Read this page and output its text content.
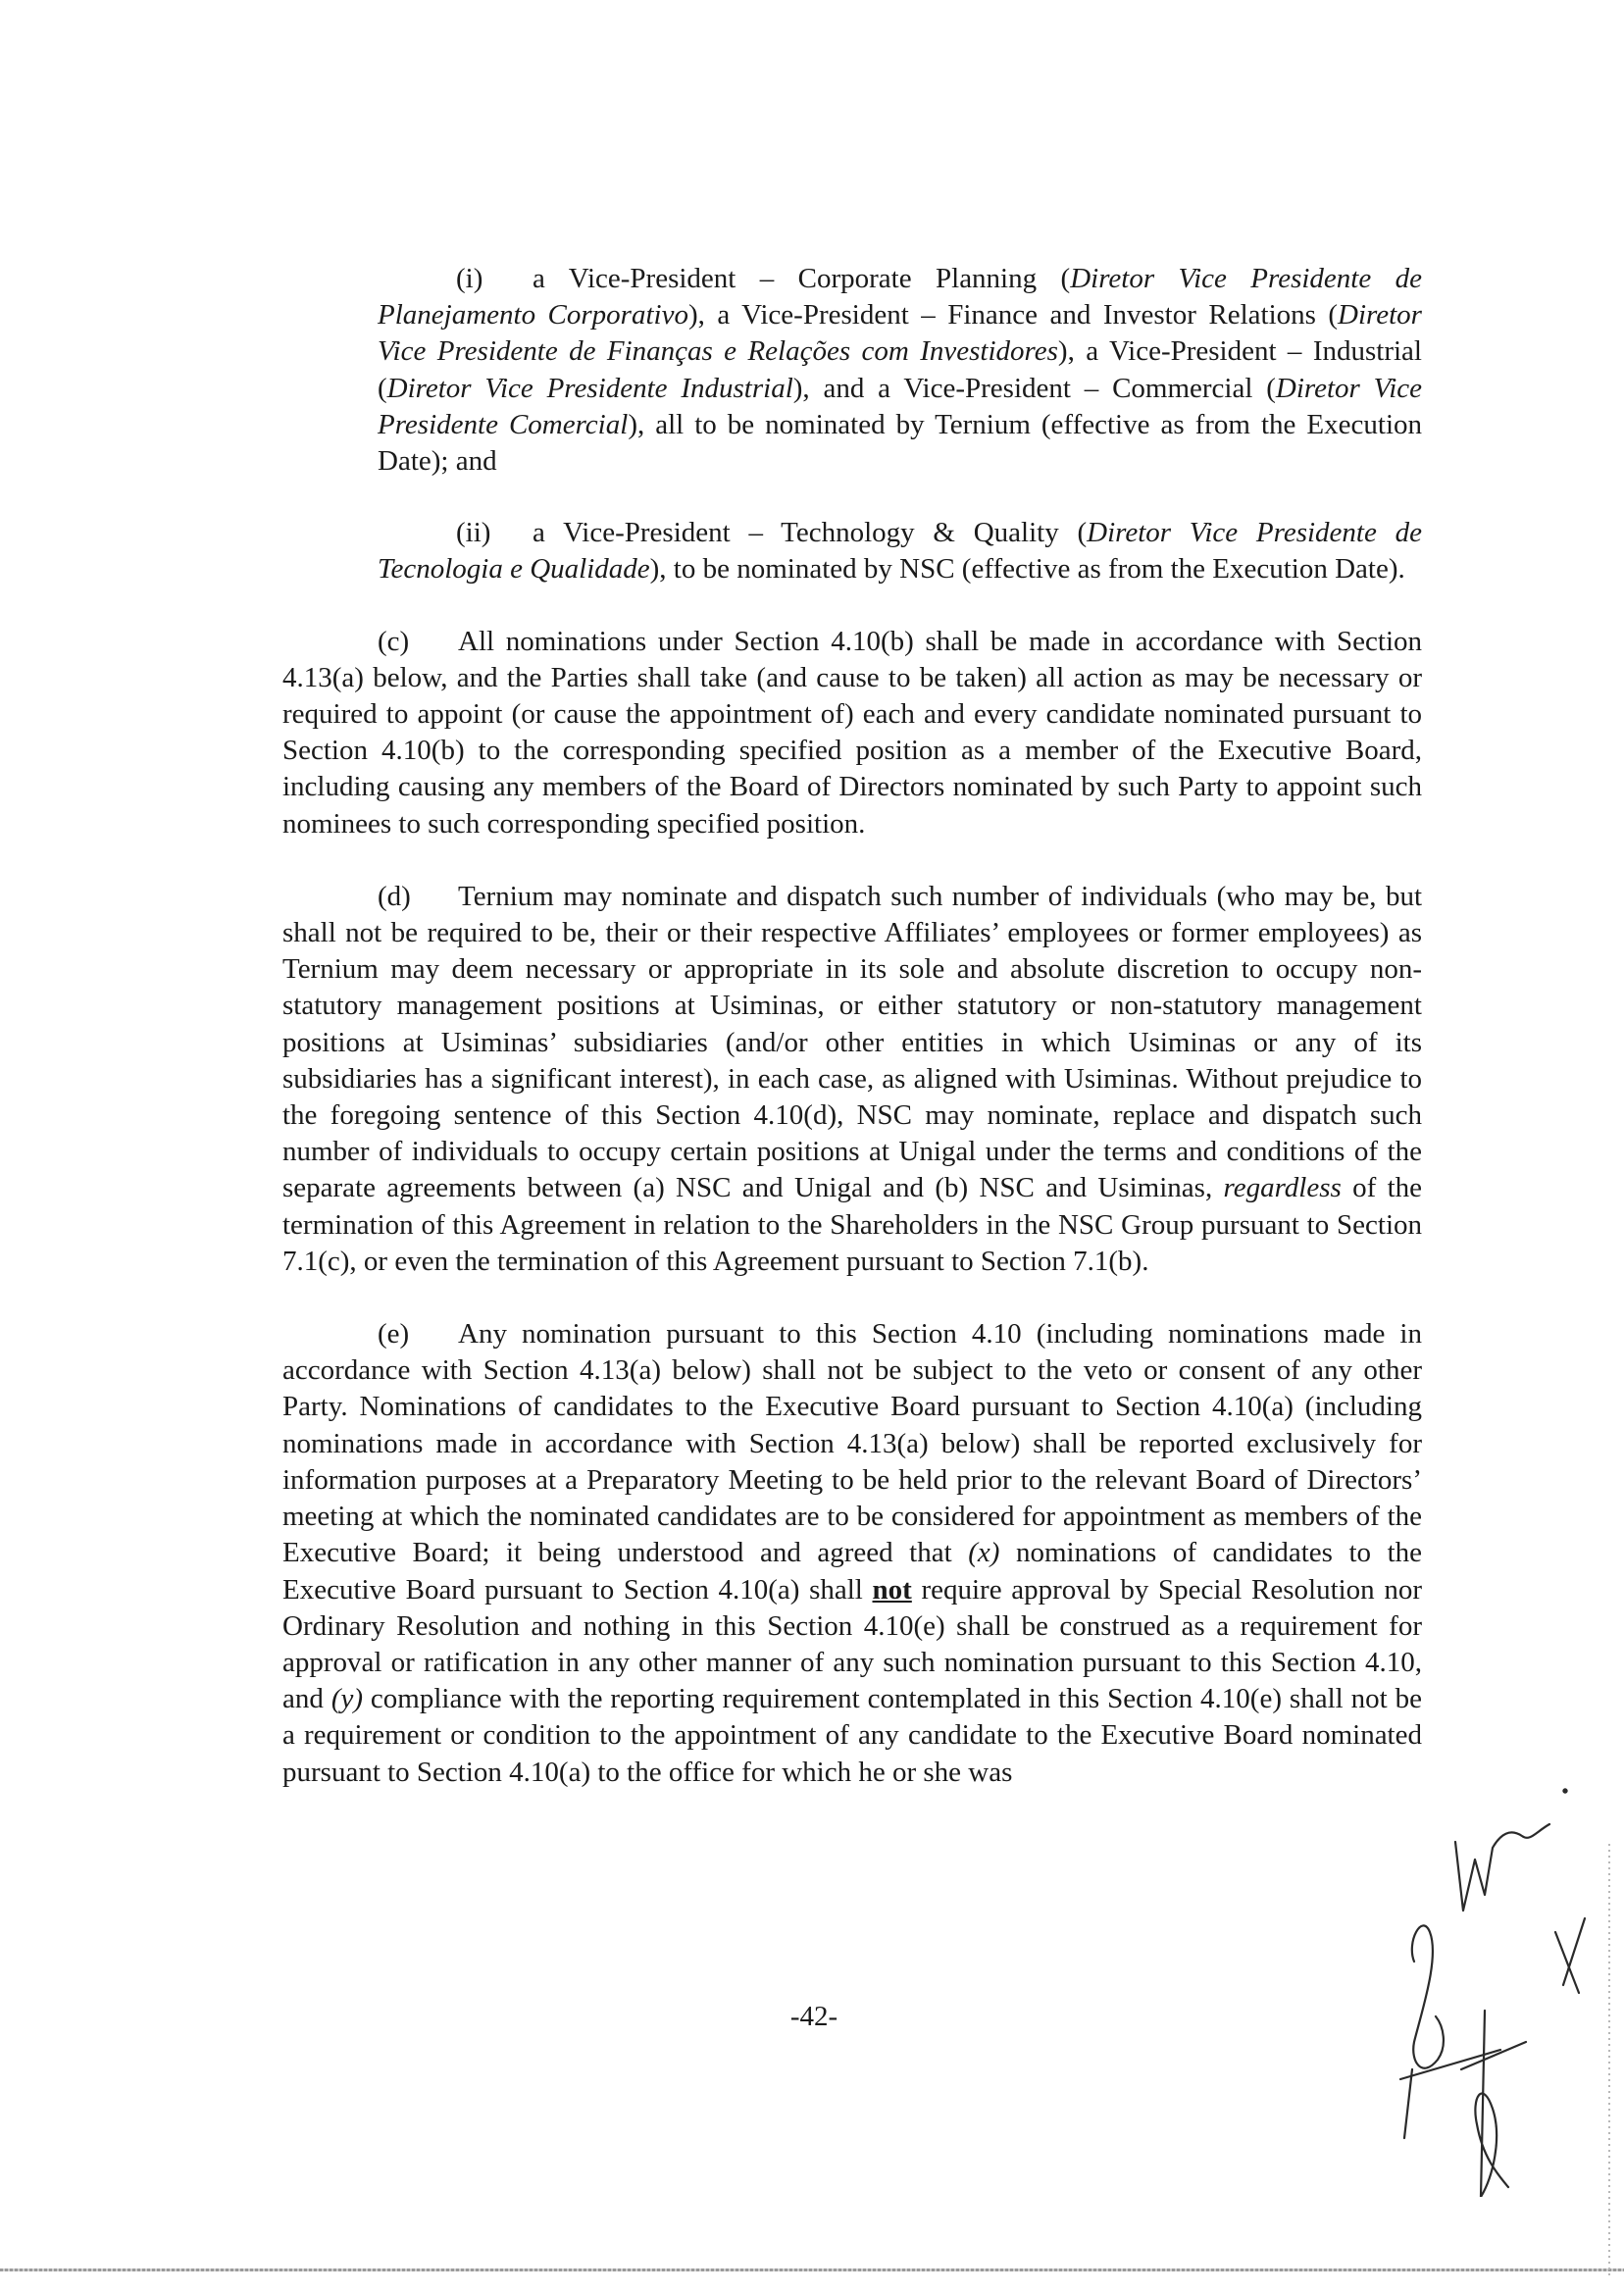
(i) a Vice-President – Corporate Planning (Diretor Vice Presidente de Planejamento Corporativo), a Vice-President – Finance and Investor Relations (Diretor Vice Presidente de Finanças e Relações com Investidores), a Vice-President – Industrial (Diretor Vice Presidente Industrial), and a Vice-President – Commercial (Diretor Vice Presidente Comercial), all to be nominated by Ternium (effective as from the Execution Date); and

(ii) a Vice-President – Technology & Quality (Diretor Vice Presidente de Tecnologia e Qualidade), to be nominated by NSC (effective as from the Execution Date).

(c) All nominations under Section 4.10(b) shall be made in accordance with Section 4.13(a) below, and the Parties shall take (and cause to be taken) all action as may be necessary or required to appoint (or cause the appointment of) each and every candidate nominated pursuant to Section 4.10(b) to the corresponding specified position as a member of the Executive Board, including causing any members of the Board of Directors nominated by such Party to appoint such nominees to such corresponding specified position.

(d) Ternium may nominate and dispatch such number of individuals (who may be, but shall not be required to be, their or their respective Affiliates’ employees or former employees) as Ternium may deem necessary or appropriate in its sole and absolute discretion to occupy non-statutory management positions at Usiminas, or either statutory or non-statutory management positions at Usiminas’ subsidiaries (and/or other entities in which Usiminas or any of its subsidiaries has a significant interest), in each case, as aligned with Usiminas. Without prejudice to the foregoing sentence of this Section 4.10(d), NSC may nominate, replace and dispatch such number of individuals to occupy certain positions at Unigal under the terms and conditions of the separate agreements between (a) NSC and Unigal and (b) NSC and Usiminas, regardless of the termination of this Agreement in relation to the Shareholders in the NSC Group pursuant to Section 7.1(c), or even the termination of this Agreement pursuant to Section 7.1(b).

(e) Any nomination pursuant to this Section 4.10 (including nominations made in accordance with Section 4.13(a) below) shall not be subject to the veto or consent of any other Party. Nominations of candidates to the Executive Board pursuant to Section 4.10(a) (including nominations made in accordance with Section 4.13(a) below) shall be reported exclusively for information purposes at a Preparatory Meeting to be held prior to the relevant Board of Directors’ meeting at which the nominated candidates are to be considered for appointment as members of the Executive Board; it being understood and agreed that (x) nominations of candidates to the Executive Board pursuant to Section 4.10(a) shall not require approval by Special Resolution nor Ordinary Resolution and nothing in this Section 4.10(e) shall be construed as a requirement for approval or ratification in any other manner of any such nomination pursuant to this Section 4.10, and (y) compliance with the reporting requirement contemplated in this Section 4.10(e) shall not be a requirement or condition to the appointment of any candidate to the Executive Board nominated pursuant to Section 4.10(a) to the office for which he or she was

-42-
